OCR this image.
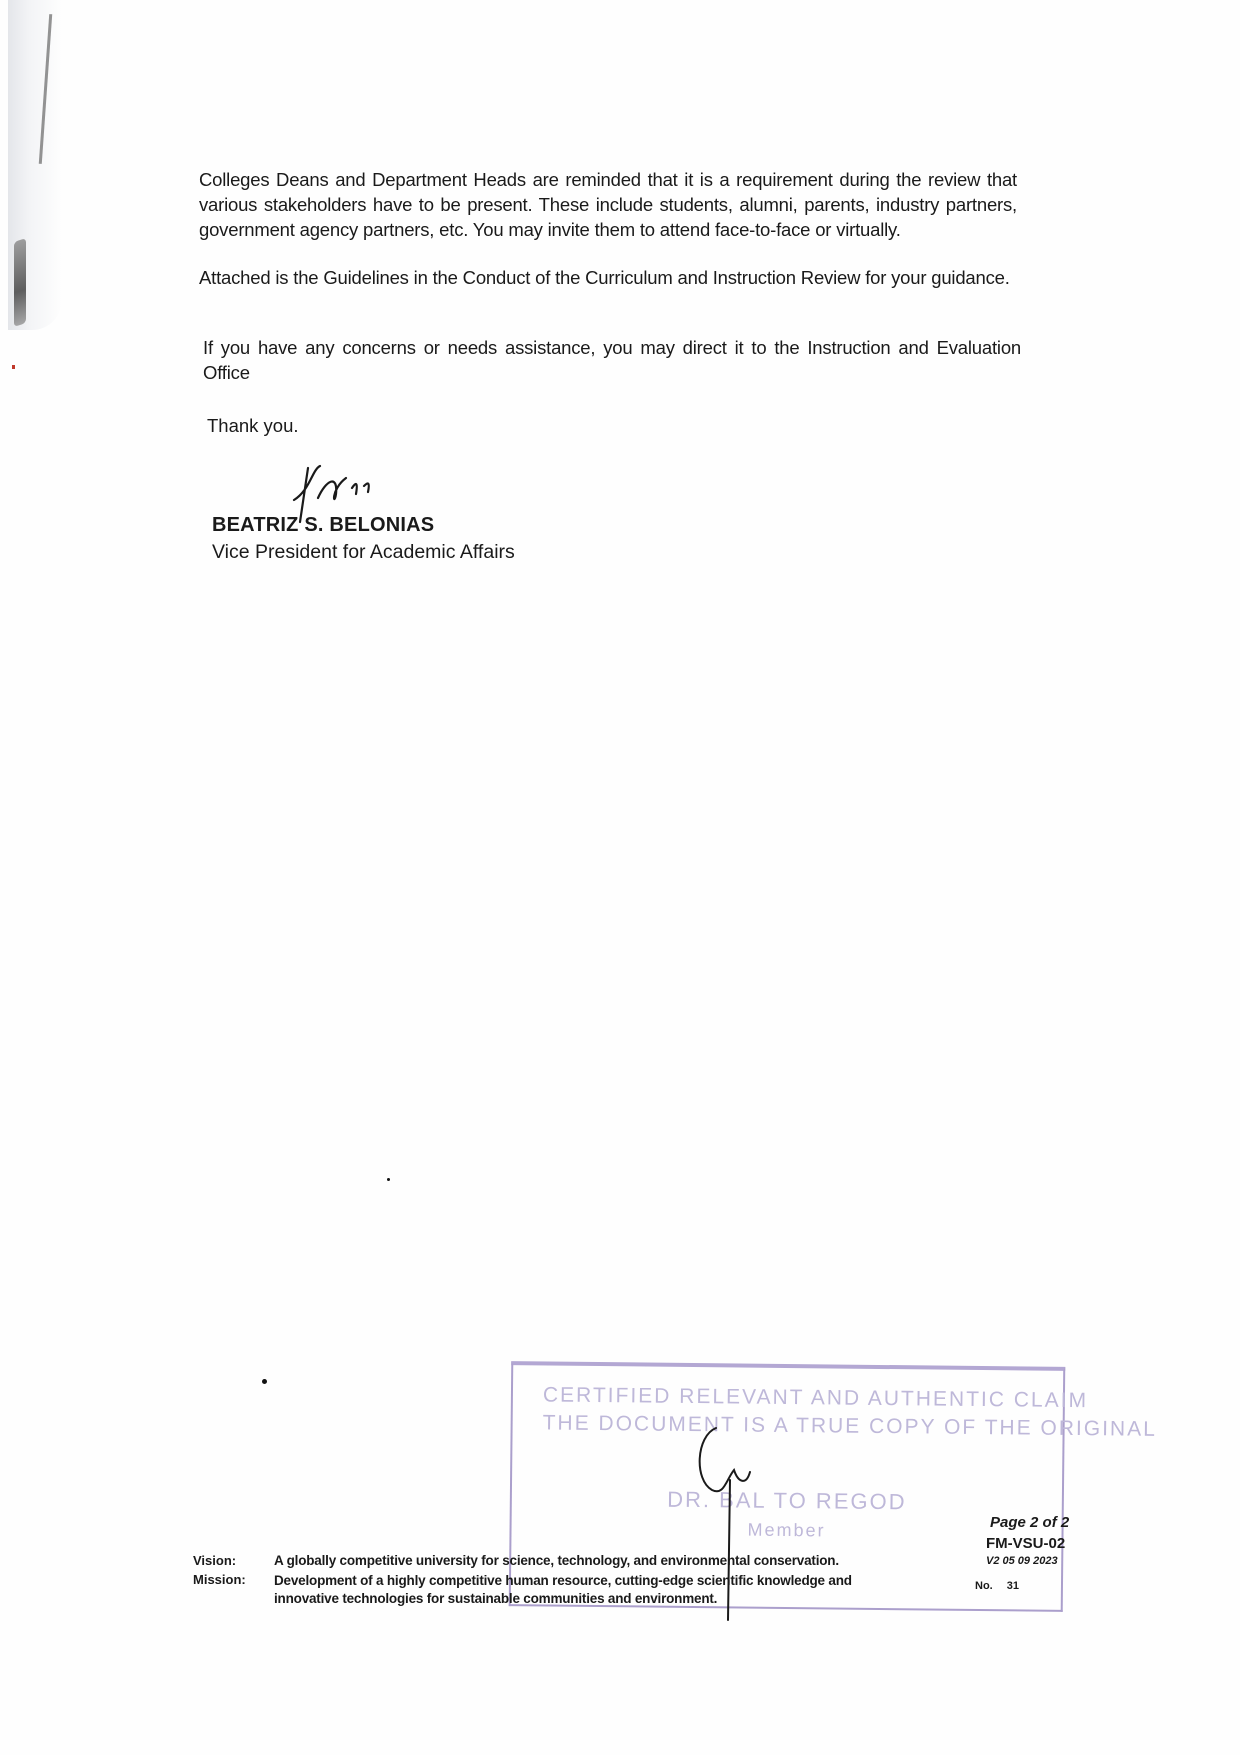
Colleges Deans and Department Heads are reminded that it is a requirement during the review that various stakeholders have to be present. These include students, alumni, parents, industry partners, government agency partners, etc. You may invite them to attend face-to-face or virtually.

Attached is the Guidelines in the Conduct of the Curriculum and Instruction Review for your guidance.

If you have any concerns or needs assistance, you may direct it to the Instruction and Evaluation Office

Thank you.
BEATRIZ S. BELONIAS
Vice President for Academic Affairs
CERTIFIED RELEVANT AND AUTHENTIC CLAIM
THE DOCUMENT IS A TRUE COPY OF THE ORIGINAL
DR. BAL TO REGOD
Member
Vision:	A globally competitive university for science, technology, and environmental conservation.
Mission: Development of a highly competitive human resource, cutting-edge scientific knowledge and innovative technologies for sustainable communities and environment.
Page 2 of 2
FM-VSU-02
V2 05 09 2023
No. 31
